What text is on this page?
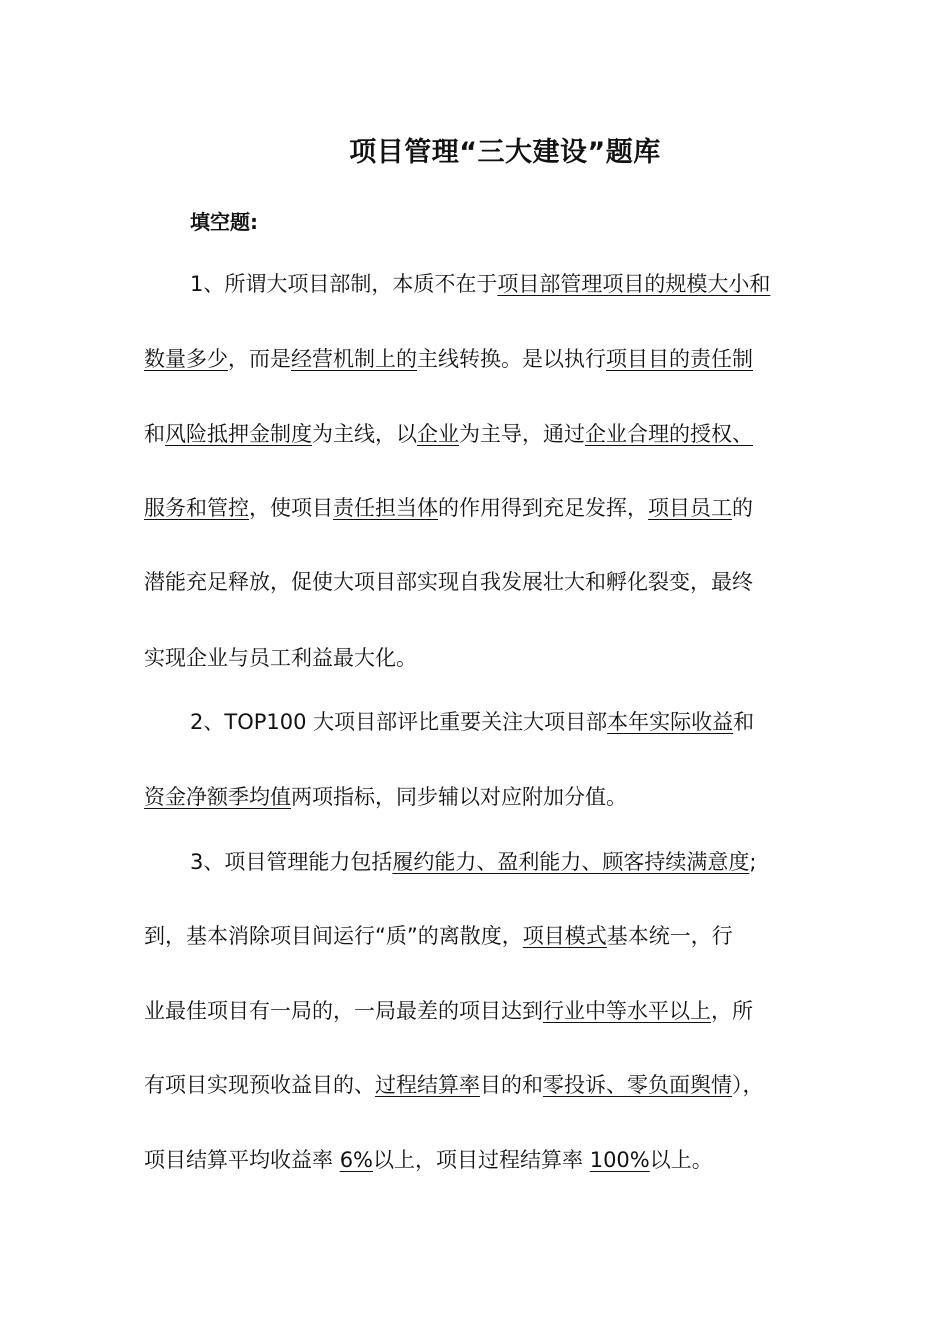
项目管理“三大建设”题库
填空题:
1、所谓大项目部制，本质不在于项目部管理项目的规模大小和
数量多少，而是经营机制上的主线转换。是以执行项目目的责任制
和风险抵押金制度为主线，以企业为主导，通过企业合理的授权、
服务和管控，使项目责任担当体的作用得到充足发挥，项目员工的
潜能充足释放，促使大项目部实现自我发展壮大和孵化裂变，最终
实现企业与员工利益最大化。
2、TOP100 大项目部评比重要关注大项目部本年实际收益和
资金净额季均值两项指标，同步辅以对应附加分值。
3、项目管理能力包括履约能力、盈利能力、顾客持续满意度;
到，基本消除项目间运行“质”的离散度，项目模式基本统一，行
业最佳项目有一局的，一局最差的项目达到行业中等水平以上，所
有项目实现预收益目的、过程结算率目的和零投诉、零负面舆情），
项目结算平均收益率 6%以上，项目过程结算率 100%以上。
